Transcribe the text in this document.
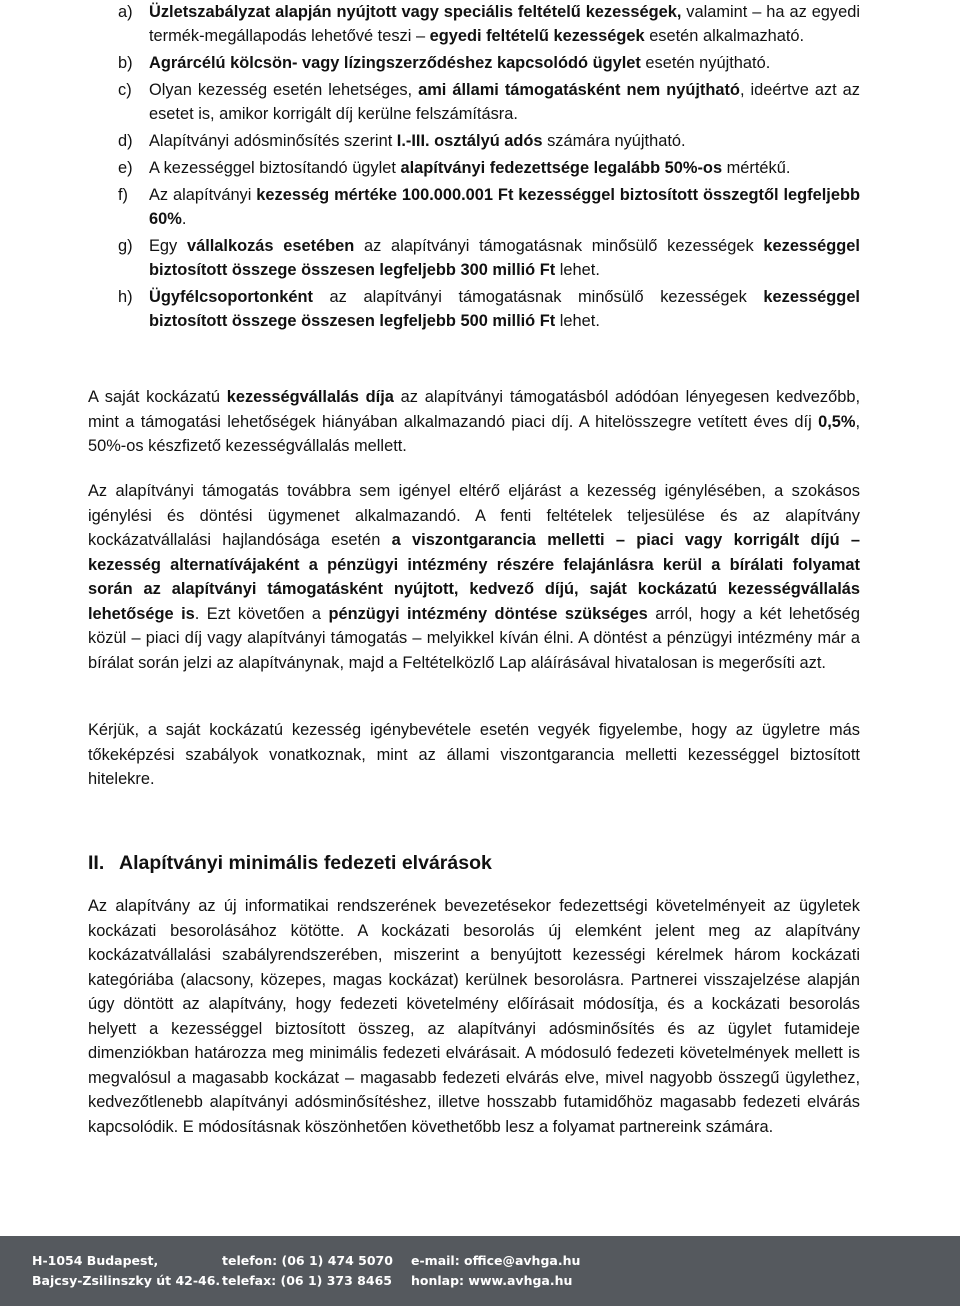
a) Üzletszabályzat alapján nyújtott vagy speciális feltételű kezességek, valamint – ha az egyedi termék-megállapodás lehetővé teszi – egyedi feltételű kezességek esetén alkalmazható.
b) Agrárcélú kölcsön- vagy lízingszerződéshez kapcsolódó ügylet esetén nyújtható.
c) Olyan kezesség esetén lehetséges, ami állami támogatásként nem nyújtható, ideértve azt az esetet is, amikor korrigált díj kerülne felszámításra.
d) Alapítványi adósminősítés szerint I.-III. osztályú adós számára nyújtható.
e) A kezességgel biztosítandó ügylet alapítványi fedezettsége legalább 50%-os mértékű.
f) Az alapítványi kezesség mértéke 100.000.001 Ft kezességgel biztosított összegtől legfeljebb 60%.
g) Egy vállalkozás esetében az alapítványi támogatásnak minősülő kezességek kezességgel biztosított összege összesen legfeljebb 300 millió Ft lehet.
h) Ügyfélcsoportonként az alapítványi támogatásnak minősülő kezességek kezességgel biztosított összege összesen legfeljebb 500 millió Ft lehet.

A saját kockázatú kezességvállalás díja az alapítványi támogatásból adódóan lényegesen kedvezőbb, mint a támogatási lehetőségek hiányában alkalmazandó piaci díj. A hitelösszegre vetített éves díj 0,5%, 50%-os készfizető kezességvállalás mellett.

Az alapítványi támogatás továbbra sem igényel eltérő eljárást a kezesség igénylésében, a szokásos igénylési és döntési ügymenet alkalmazandó. A fenti feltételek teljesülése és az alapítvány kockázatvállalási hajlandósága esetén a viszontgarancia melletti – piaci vagy korrigált díjú – kezesség alternatívájaként a pénzügyi intézmény részére felajánlásra kerül a bírálati folyamat során az alapítványi támogatásként nyújtott, kedvező díjú, saját kockázatú kezességvállalás lehetősége is. Ezt követően a pénzügyi intézmény döntése szükséges arról, hogy a két lehetőség közül – piaci díj vagy alapítványi támogatás – melyikkel kíván élni. A döntést a pénzügyi intézmény már a bírálat során jelzi az alapítványnak, majd a Feltételközlő Lap aláírásával hivatalosan is megerősíti azt.

Kérjük, a saját kockázatú kezesség igénybevétele esetén vegyék figyelembe, hogy az ügyletre más tőkeképzési szabályok vonatkoznak, mint az állami viszontgarancia melletti kezességgel biztosított hitelekre.

II. Alapítványi minimális fedezeti elvárások

Az alapítvány az új informatikai rendszerének bevezetésekor fedezettségi követelményeit az ügyletek kockázati besorolásához kötötte. A kockázati besorolás új elemként jelent meg az alapítvány kockázatvállalási szabályrendszerében, miszerint a benyújtott kezességi kérelmek három kockázati kategóriába (alacsony, közepes, magas kockázat) kerülnek besorolásra. Partnerei visszajelzése alapján úgy döntött az alapítvány, hogy fedezeti követelmény előírásait módosítja, és a kockázati besorolás helyett a kezességgel biztosított összeg, az alapítványi adósminősítés és az ügylet futamideje dimenziókban határozza meg minimális fedezeti elvárásait. A módosuló fedezeti követelmények mellett is megvalósul a magasabb kockázat – magasabb fedezeti elvárás elve, mivel nagyobb összegű ügylethez, kedvezőtlenebb alapítványi adósminősítéshez, illetve hosszabb futamidőhöz magasabb fedezeti elvárás kapcsolódik. E módosításnak köszönhetően követhetőbb lesz a folyamat partnereink számára.

H-1054 Budapest,
Bajcsy-Zsilinszky út 42-46.
telefon: (06 1) 474 5070
telefax: (06 1) 373 8465
e-mail: office@avhga.hu
honlap: www.avhga.hu
